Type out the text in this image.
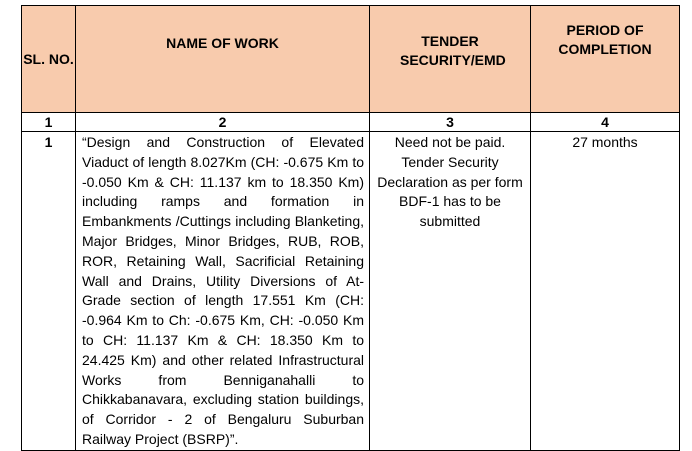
SL. NO.	NAME OF WORK	TENDER SECURITY/EMD	PERIOD OF COMPLETION
1	2	3	4
1	“Design and Construction of Elevated Viaduct of length 8.027Km (CH: -0.675 Km to -0.050 Km & CH: 11.137 km to 18.350 Km) including ramps and formation in Embankments /Cuttings including Blanketing, Major Bridges, Minor Bridges, RUB, ROB, ROR, Retaining Wall, Sacrificial Retaining Wall and Drains, Utility Diversions of At-Grade section of length 17.551 Km (CH: -0.964 Km to Ch: -0.675 Km, CH: -0.050 Km to CH: 11.137 Km & CH: 18.350 Km to 24.425 Km) and other related Infrastructural Works from Benniganahalli to Chikkabanavara, excluding station buildings, of Corridor - 2 of Bengaluru Suburban Railway Project (BSRP)”.	Need not be paid. Tender Security Declaration as per form BDF-1 has to be submitted	27 months
